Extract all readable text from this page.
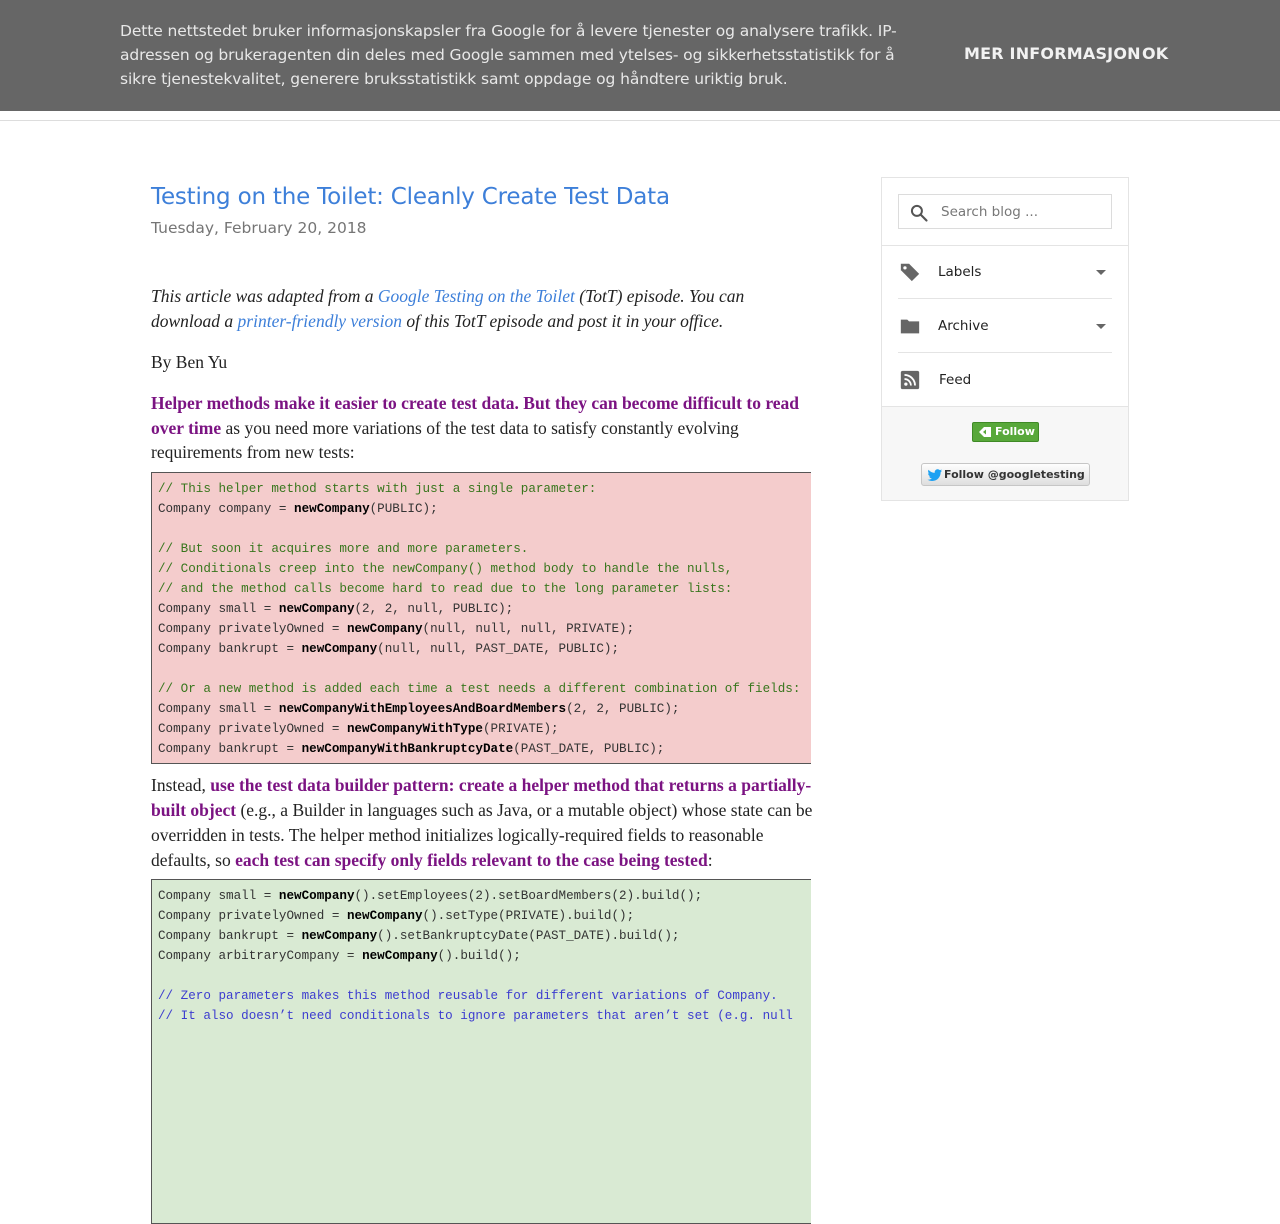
Dette nettstedet bruker informasjonskapsler fra Google for å levere tjenester og analysere trafikk. IP-adressen og brukeragenten din deles med Google sammen med ytelses- og sikkerhetsstatistikk for å sikre tjenestekvalitet, generere bruksstatistikk samt oppdage og håndtere uriktig bruk.
MER INFORMASJON OK
Testing on the Toilet: Cleanly Create Test Data
Tuesday, February 20, 2018
This article was adapted from a Google Testing on the Toilet (TotT) episode. You can download a printer-friendly version of this TotT episode and post it in your office.
By Ben Yu
Helper methods make it easier to create test data. But they can become difficult to read over time as you need more variations of the test data to satisfy constantly evolving requirements from new tests:
// This helper method starts with just a single parameter:
Company company = newCompany(PUBLIC);
// But soon it acquires more and more parameters.
// Conditionals creep into the newCompany() method body to handle the nulls,
// and the method calls become hard to read due to the long parameter lists:
Company small = newCompany(2, 2, null, PUBLIC);
Company privatelyOwned = newCompany(null, null, null, PRIVATE);
Company bankrupt = newCompany(null, null, PAST_DATE, PUBLIC);
// Or a new method is added each time a test needs a different combination of fields:
Company small = newCompanyWithEmployeesAndBoardMembers(2, 2, PUBLIC);
Company privatelyOwned = newCompanyWithType(PRIVATE);
Company bankrupt = newCompanyWithBankruptcyDate(PAST_DATE, PUBLIC);
Instead, use the test data builder pattern: create a helper method that returns a partially-built object (e.g., a Builder in languages such as Java, or a mutable object) whose state can be overridden in tests. The helper method initializes logically-required fields to reasonable defaults, so each test can specify only fields relevant to the case being tested:
Company small = newCompany().setEmployees(2).setBoardMembers(2).build();
Company privatelyOwned = newCompany().setType(PRIVATE).build();
Company bankrupt = newCompany().setBankruptcyDate(PAST_DATE).build();
Company arbitraryCompany = newCompany().build();
// Zero parameters makes this method reusable for different variations of Company.
// It also doesn’t need conditionals to ignore parameters that aren’t set (e.g. null
Search blog ...
Labels
Archive
Feed
Follow
Follow @googletesting
